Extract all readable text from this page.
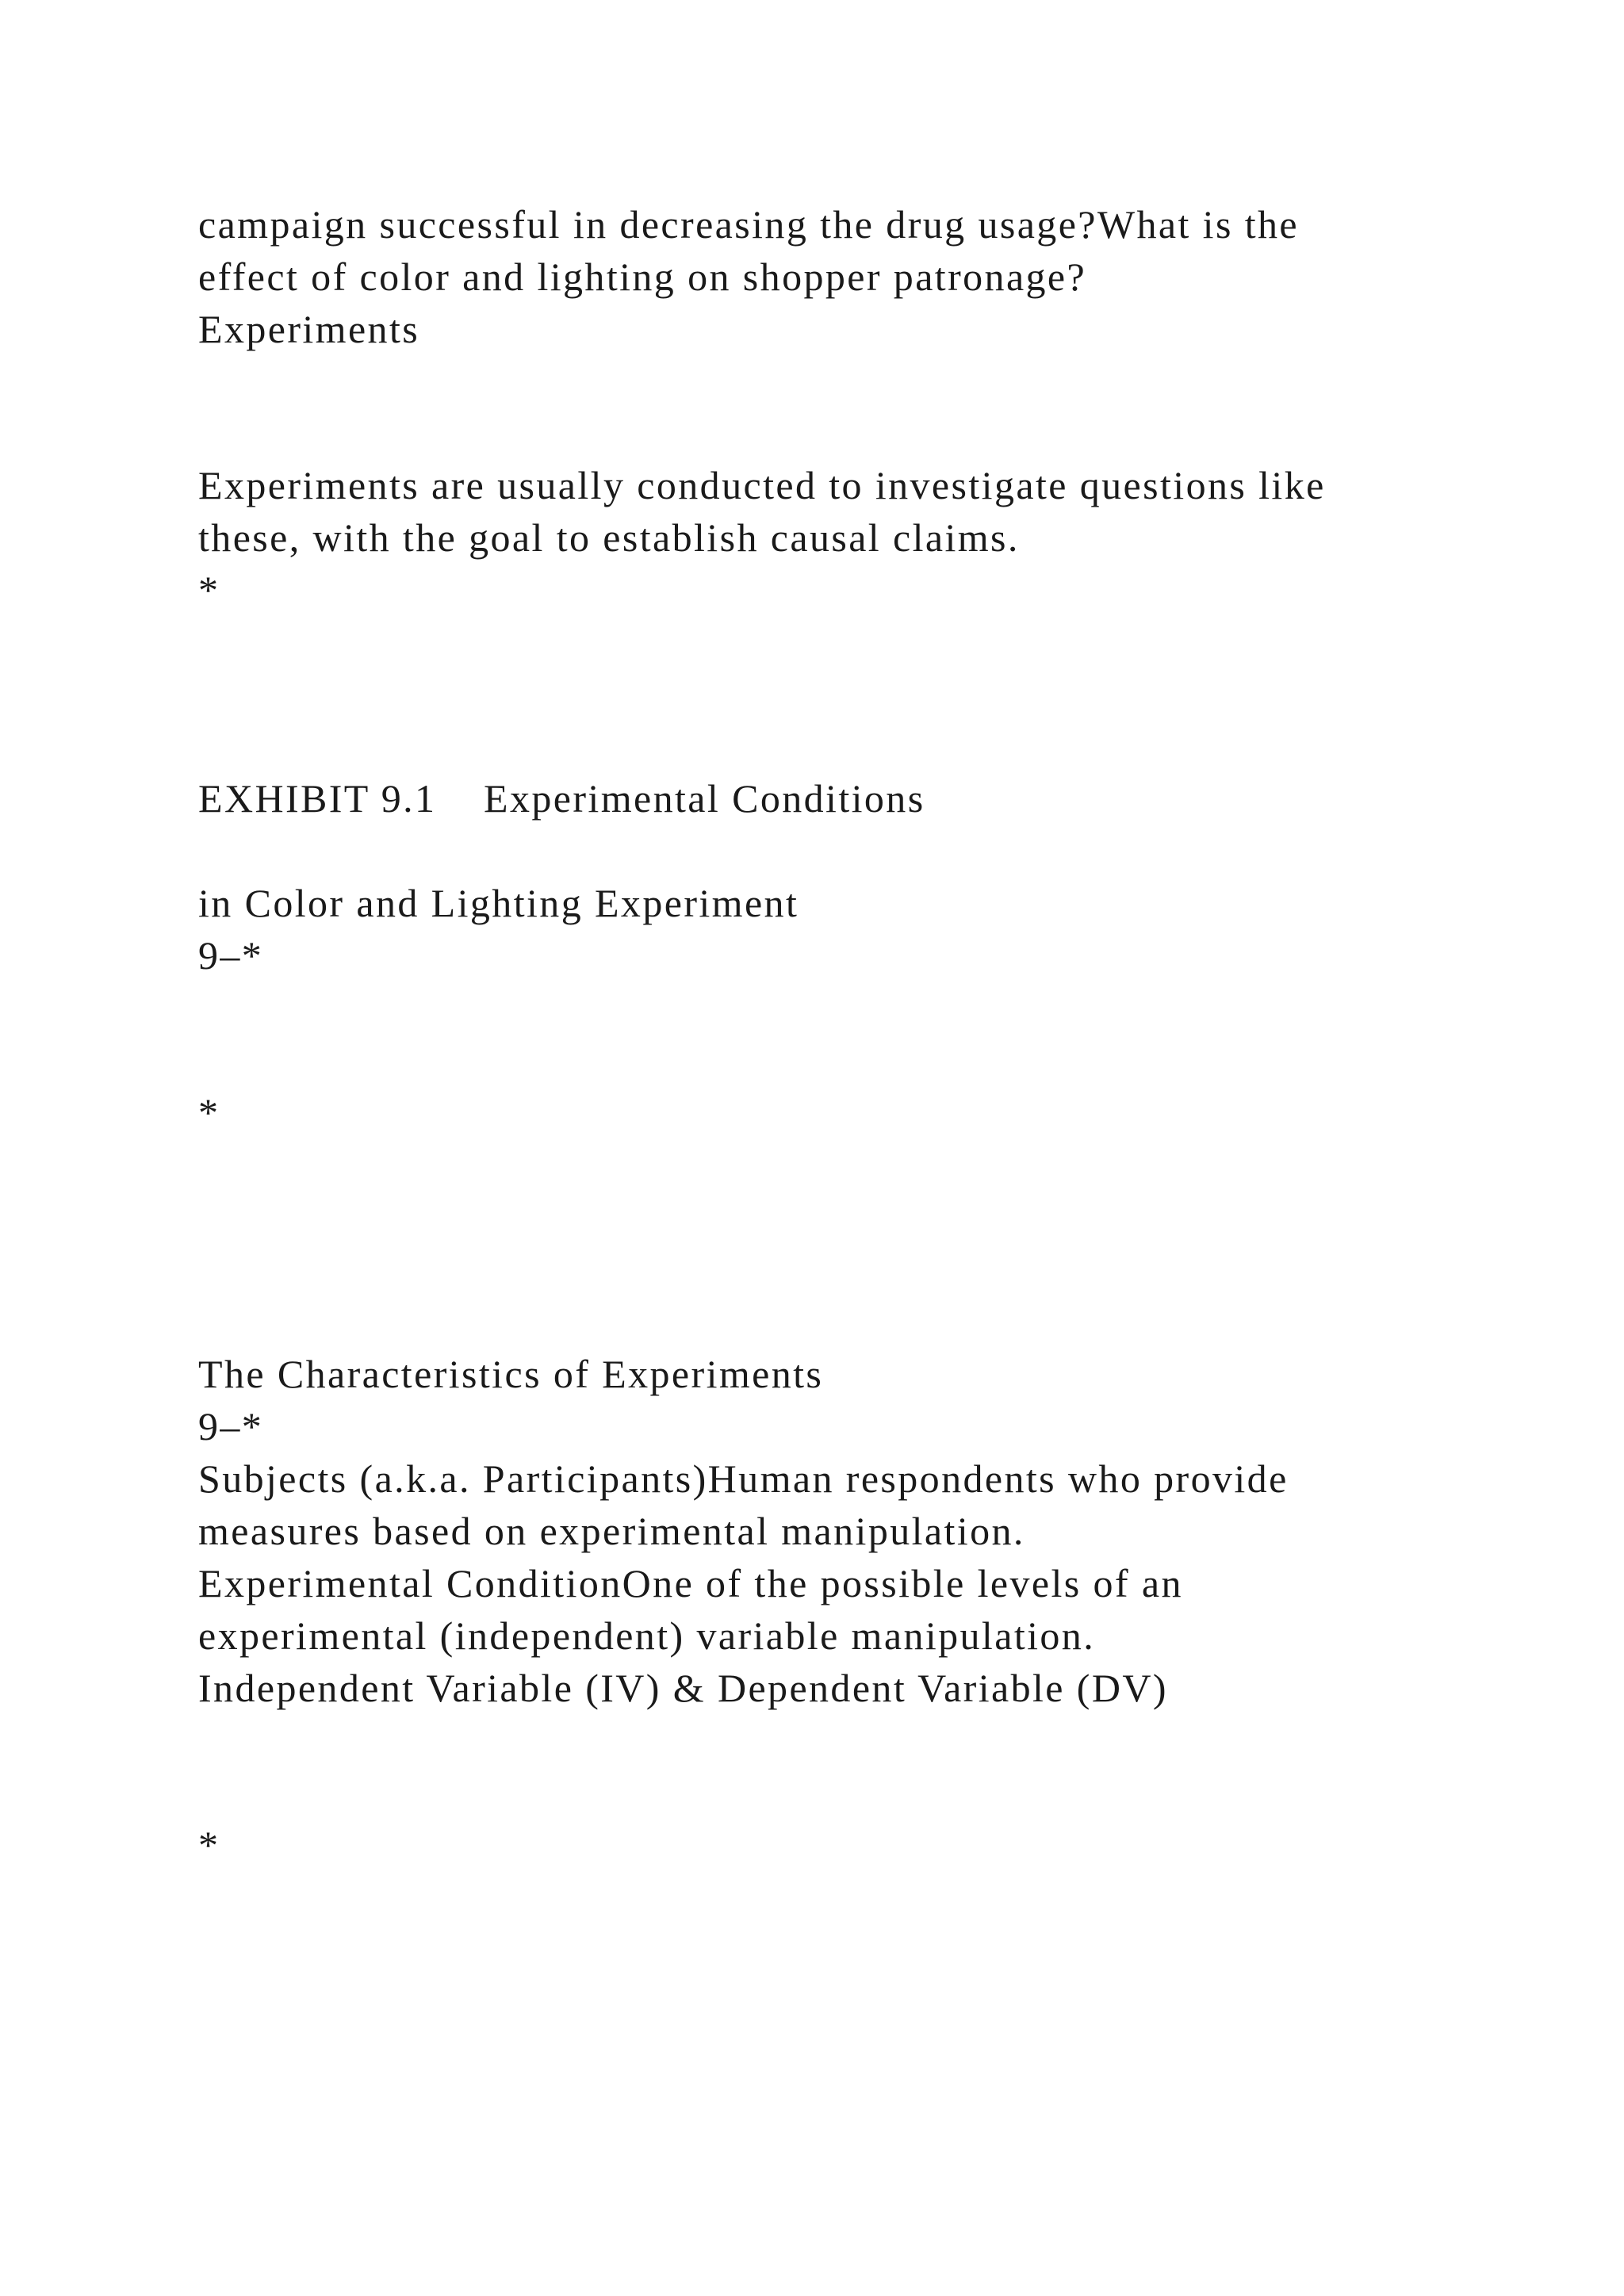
campaign successful in decreasing the drug usage?What is the

effect of color and lighting on shopper patronage?

Experiments

Experiments are usually conducted to investigate questions like

these, with the goal to establish causal claims.

*

EXHIBIT 9.1    Experimental Conditions

in Color and Lighting Experiment

9–*

*

The Characteristics of Experiments

9–*

Subjects (a.k.a. Participants)Human respondents who provide

measures based on experimental manipulation.

Experimental ConditionOne of the possible levels of an

experimental (independent) variable manipulation.

Independent Variable (IV) & Dependent Variable (DV)

*
